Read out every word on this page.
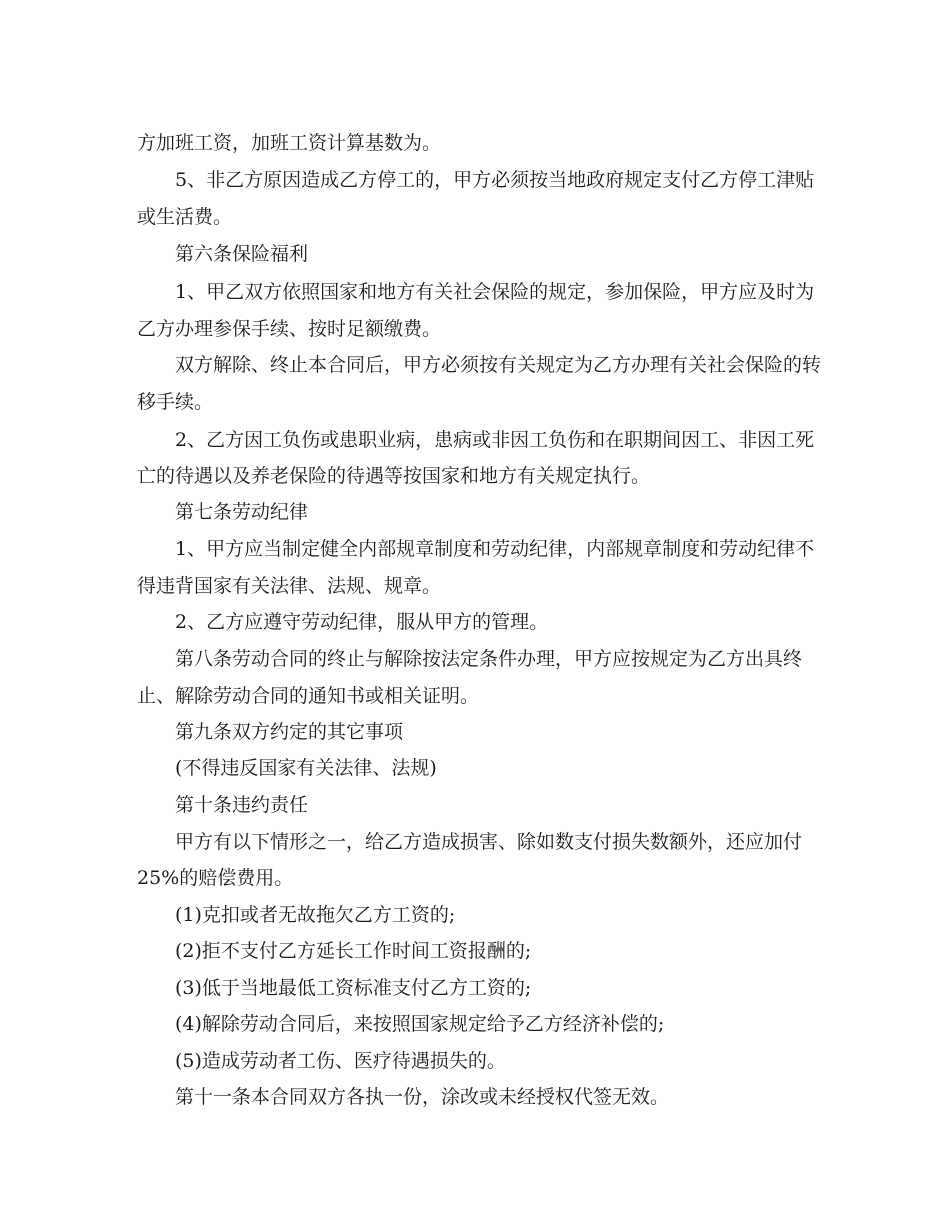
方加班工资，加班工资计算基数为。
5、非乙方原因造成乙方停工的，甲方必须按当地政府规定支付乙方停工津贴
或生活费。
第六条保险福利
1、甲乙双方依照国家和地方有关社会保险的规定，参加保险，甲方应及时为
乙方办理参保手续、按时足额缴费。
双方解除、终止本合同后，甲方必须按有关规定为乙方办理有关社会保险的转
移手续。
2、乙方因工负伤或患职业病，患病或非因工负伤和在职期间因工、非因工死
亡的待遇以及养老保险的待遇等按国家和地方有关规定执行。
第七条劳动纪律
1、甲方应当制定健全内部规章制度和劳动纪律，内部规章制度和劳动纪律不
得违背国家有关法律、法规、规章。
2、乙方应遵守劳动纪律，服从甲方的管理。
第八条劳动合同的终止与解除按法定条件办理，甲方应按规定为乙方出具终
止、解除劳动合同的通知书或相关证明。
第九条双方约定的其它事项
(不得违反国家有关法律、法规)
第十条违约责任
甲方有以下情形之一，给乙方造成损害、除如数支付损失数额外，还应加付
25%的赔偿费用。
(1)克扣或者无故拖欠乙方工资的;
(2)拒不支付乙方延长工作时间工资报酬的;
(3)低于当地最低工资标准支付乙方工资的;
(4)解除劳动合同后，来按照国家规定给予乙方经济补偿的;
(5)造成劳动者工伤、医疗待遇损失的。
第十一条本合同双方各执一份，涂改或未经授权代签无效。
